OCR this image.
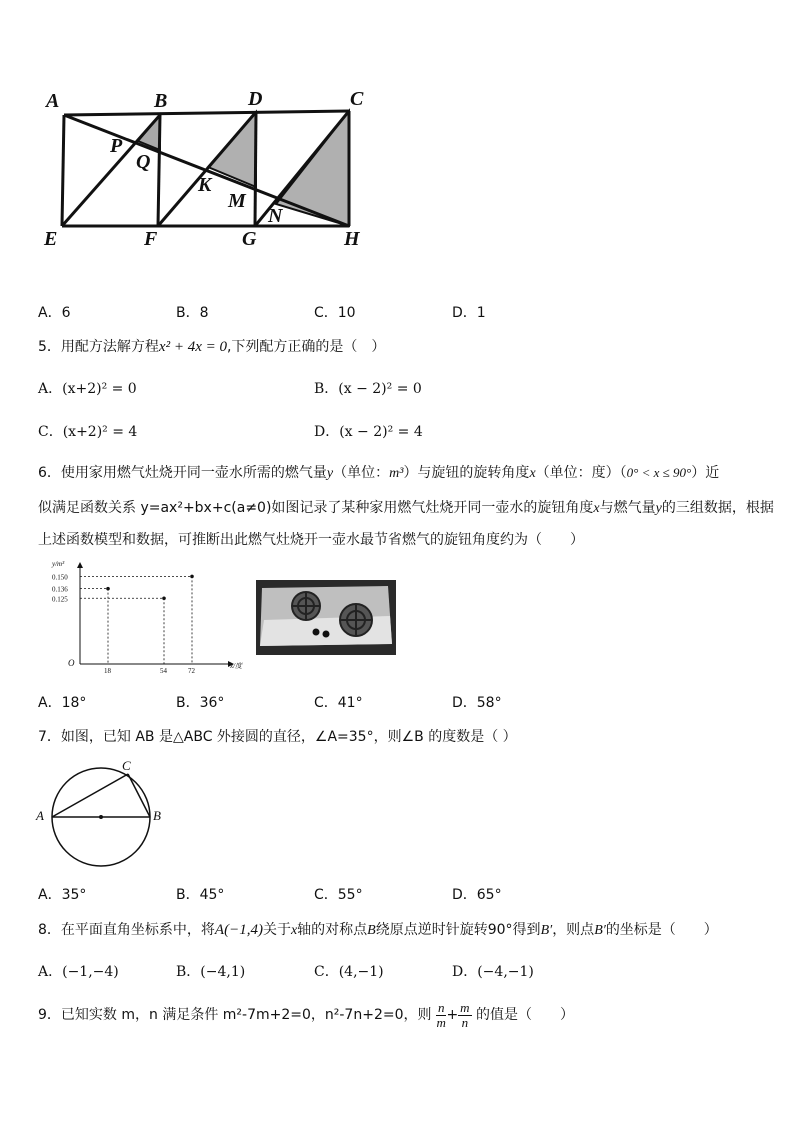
A	B	D	C
P
Q
K
M
N
E	F	G	H
A．6	B．8	C．10	D．1
5．用配方法解方程x² + 4x = 0,下列配方正确的是（　）
A．(x+2)² = 0	B．(x − 2)² = 0
C．(x+2)² = 4	D．(x − 2)² = 4
6．使用家用燃气灶烧开同一壶水所需的燃气量y（单位：m³）与旋钮的旋转角度x（单位：度）（0° < x ≤ 90°）近
似满足函数关系 y=ax²+bx+c(a≠0)如图记录了某种家用燃气灶烧开同一壶水的旋钮角度x与燃气量y的三组数据，根据
上述函数模型和数据，可推断出此燃气灶烧开一壶水最节省燃气的旋钮角度约为（　　）
x/度
y/m³
O
0.125
0.136
0.150
18	54	72
A．18°	B．36°	C．41°	D．58°
7．如图，已知 AB 是△ABC 外接圆的直径，∠A=35°，则∠B 的度数是（ ）
A	B
C
A．35°	B．45°	C．55°	D．65°
8．在平面直角坐标系中，将A(−1,4)关于x轴的对称点B绕原点逆时针旋转90°得到B′，则点B′的坐标是（　　）
A．(−1,−4)	B．(−4,1)	C．(4,−1)	D．(−4,−1)
9．已知实数 m，n 满足条件 m²-7m+2=0，n²-7n+2=0，则 $\frac{n}{m} + \frac{m}{n}$ 的值是（　　）
